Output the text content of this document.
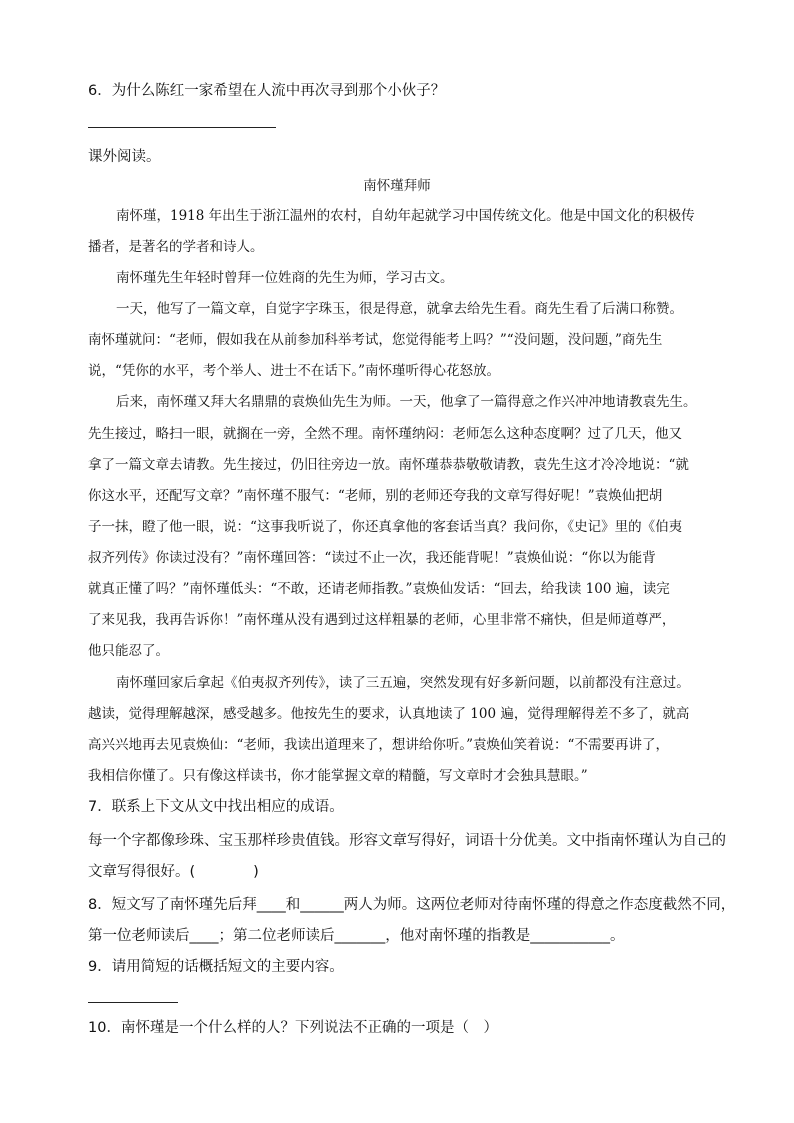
6．为什么陈红一家希望在人流中再次寻到那个小伙子？
课外阅读。
南怀瑾拜师
南怀瑾，1918 年出生于浙江温州的农村，自幼年起就学习中国传统文化。他是中国文化的积极传
播者，是著名的学者和诗人。
南怀瑾先生年轻时曾拜一位姓商的先生为师，学习古文。
一天，他写了一篇文章，自觉字字珠玉，很是得意，就拿去给先生看。商先生看了后满口称赞。
南怀瑾就问：“老师，假如我在从前参加科举考试，您觉得能考上吗？”“没问题，没问题，”商先生
说，“凭你的水平，考个举人、进士不在话下。”南怀瑾听得心花怒放。
后来，南怀瑾又拜大名鼎鼎的袁焕仙先生为师。一天，他拿了一篇得意之作兴冲冲地请教袁先生。
先生接过，略扫一眼，就搁在一旁，全然不理。南怀瑾纳闷：老师怎么这种态度啊？过了几天，他又
拿了一篇文章去请教。先生接过，仍旧往旁边一放。南怀瑾恭恭敬敬请教，袁先生这才冷冷地说：“就
你这水平，还配写文章？”南怀瑾不服气：“老师，别的老师还夸我的文章写得好呢！”袁焕仙把胡
子一抹，瞪了他一眼，说：“这事我听说了，你还真拿他的客套话当真？我问你，《史记》里的《伯夷
叔齐列传》你读过没有？”南怀瑾回答：“读过不止一次，我还能背呢！”袁焕仙说：“你以为能背
就真正懂了吗？”南怀瑾低头：“不敢，还请老师指教。”袁焕仙发话：“回去，给我读 100 遍，读完
了来见我，我再告诉你！”南怀瑾从没有遇到过这样粗暴的老师，心里非常不痛快，但是师道尊严，
他只能忍了。
南怀瑾回家后拿起《伯夷叔齐列传》，读了三五遍，突然发现有好多新问题，以前都没有注意过。
越读，觉得理解越深，感受越多。他按先生的要求，认真地读了 100 遍，觉得理解得差不多了，就高
高兴兴地再去见袁焕仙：“老师，我读出道理来了，想讲给你听。”袁焕仙笑着说：“不需要再讲了，
我相信你懂了。只有像这样读书，你才能掌握文章的精髓，写文章时才会独具慧眼。”
7．联系上下文从文中找出相应的成语。
每一个字都像珍珠、宝玉那样珍贵值钱。形容文章写得好，词语十分优美。文中指南怀瑾认为自己的
文章写得很好。(　　　　)
8．短文写了南怀瑾先后拜____和______两人为师。这两位老师对待南怀瑾的得意之作态度截然不同，
第一位老师读后____；第二位老师读后_______，他对南怀瑾的指教是___________。
9．请用简短的话概括短文的主要内容。
10．南怀瑾是一个什么样的人？下列说法不正确的一项是（　）
